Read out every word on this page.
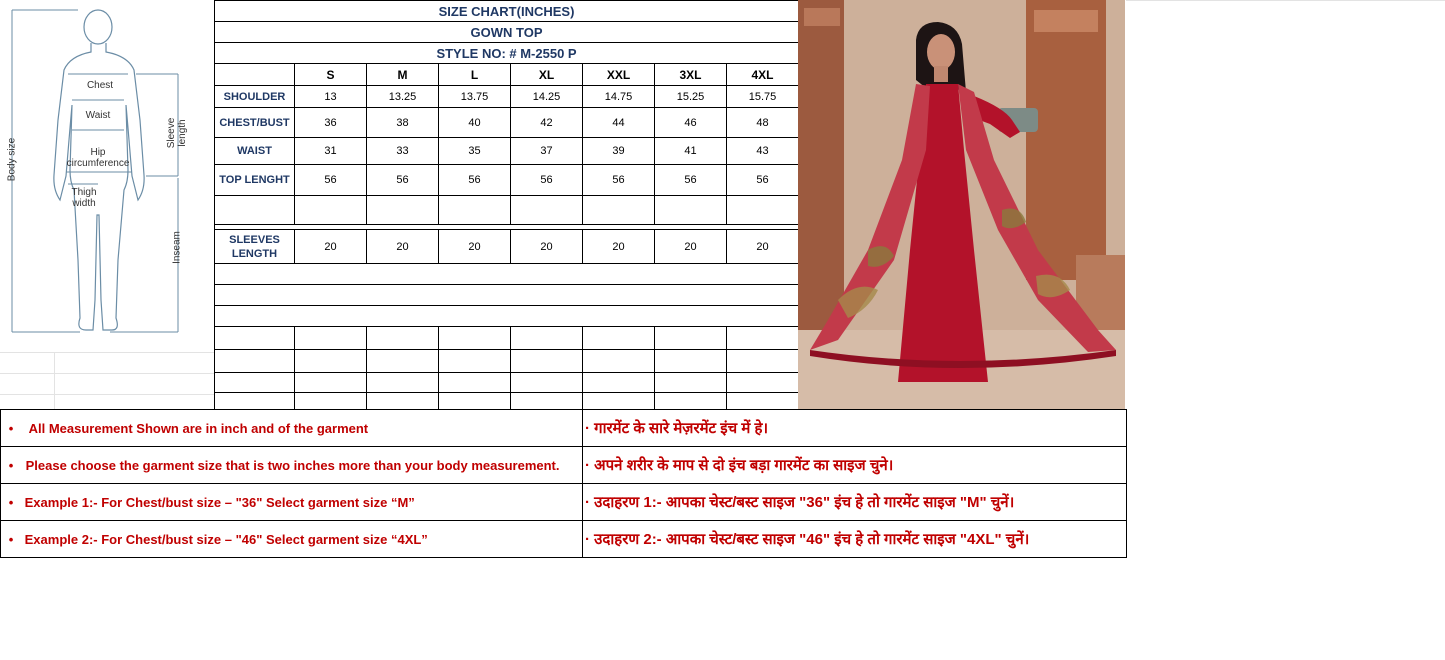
Chest
Waist
Hip
circumference
Thigh
width
Body size
Sleeve length
Inseam
SIZE CHART(INCHES)							
GOWN TOP							
STYLE NO: # M-2550 P							
	S	M	L	XL	XXL	3XL	4XL
SHOULDER	13	13.25	13.75	14.25	14.75	15.25	15.75
CHEST/BUST	36	38	40	42	44	46	48
WAIST	31	33	35	37	39	41	43
TOP LENGHT	56	56	56	56	56	56	56

SLEEVES
LENGTH	20	20	20	20	20	20	20

• All Measurement Shown are in inch and of the garment	· गारमेंट के सारे मेज़रमेंट इंच में हे।
• Please choose the garment size that is two inches more than your body measurement.	· अपने शरीर के माप से दो इंच बड़ा गारमेंट का साइज चुने।
• Example 1:- For Chest/bust size – "36" Select garment size “M”	· उदाहरण 1:- आपका चेस्ट/बस्ट साइज "36" इंच हे तो गारमेंट साइज "M" चुनें।
• Example 2:- For Chest/bust size – "46" Select garment size “4XL”	· उदाहरण 2:- आपका चेस्ट/बस्ट साइज "46" इंच हे तो गारमेंट साइज "4XL" चुनें।
